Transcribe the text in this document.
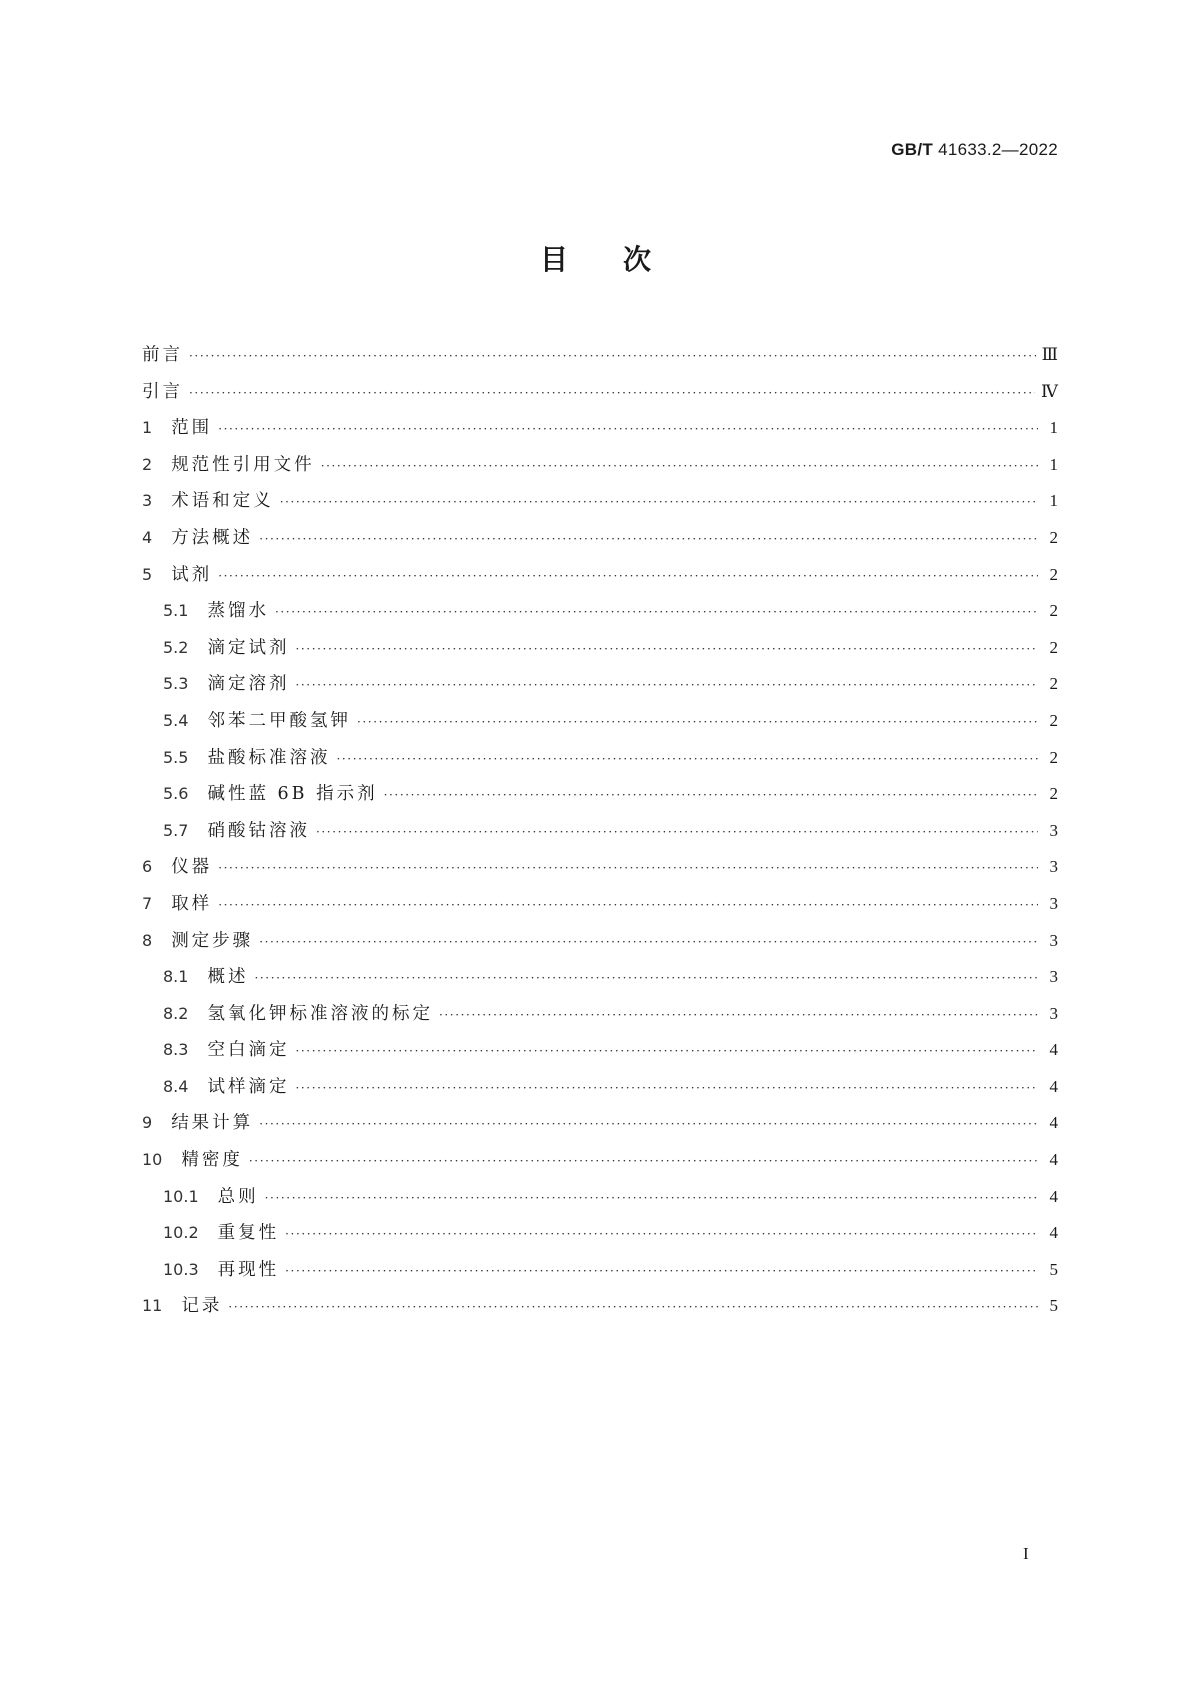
GB/T 41633.2—2022
目次
前言 ·····	Ⅲ
引言 ·····	Ⅳ
1 范围 ·····	1
2 规范性引用文件 ·····	1
3 术语和定义 ·····	1
4 方法概述 ·····	2
5 试剂 ·····	2
5.1 蒸馏水 ·····	2
5.2 滴定试剂 ·····	2
5.3 滴定溶剂 ·····	2
5.4 邻苯二甲酸氢钾 ·····	2
5.5 盐酸标准溶液 ·····	2
5.6 碱性蓝 6B 指示剂 ·····	2
5.7 硝酸钴溶液 ·····	3
6 仪器 ·····	3
7 取样 ·····	3
8 测定步骤 ·····	3
8.1 概述 ·····	3
8.2 氢氧化钾标准溶液的标定 ·····	3
8.3 空白滴定 ·····	4
8.4 试样滴定 ·····	4
9 结果计算 ·····	4
10 精密度 ·····	4
10.1 总则 ·····	4
10.2 重复性 ·····	4
10.3 再现性 ·····	5
11 记录 ·····	5
I
